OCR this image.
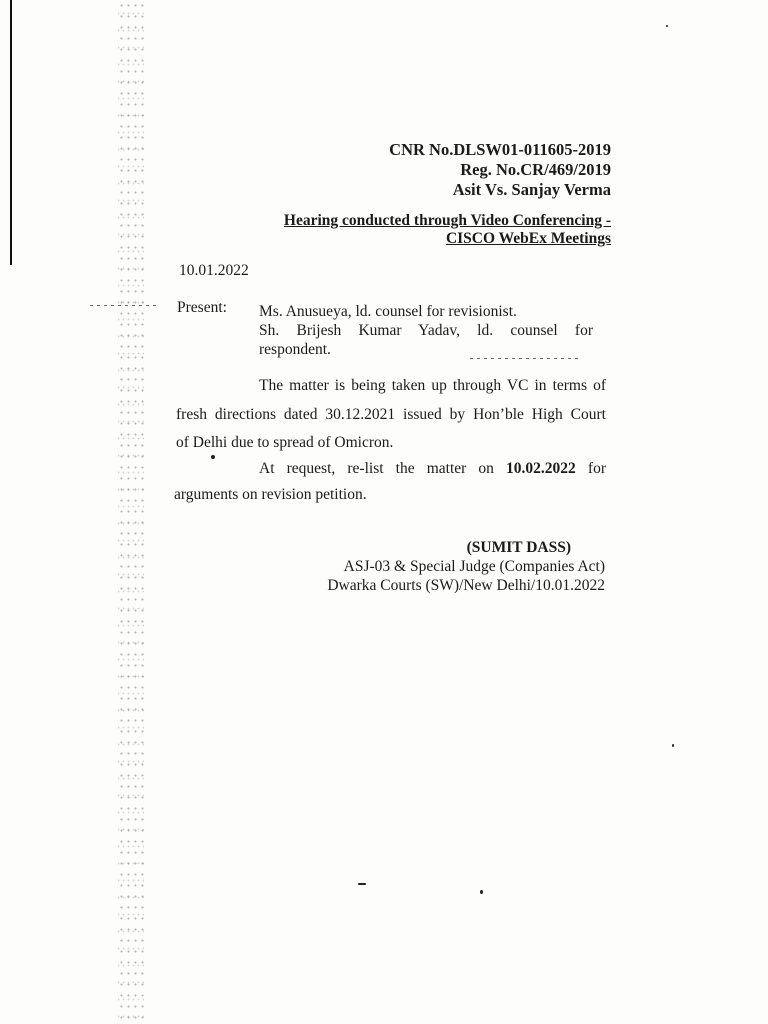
CNR No.DLSW01-011605-2019
Reg. No.CR/469/2019
Asit Vs. Sanjay Verma
Hearing conducted through Video Conferencing -
CISCO WebEx Meetings
10.01.2022
Present: Ms. Anusueya, ld. counsel for revisionist.
Sh. Brijesh Kumar Yadav, ld. counsel for
respondent.
The matter is being taken up through VC in terms of
fresh directions dated 30.12.2021 issued by Hon’ble High Court
of Delhi due to spread of Omicron.
At request, re-list the matter on 10.02.2022 for
arguments on revision petition.
(SUMIT DASS)
ASJ-03 & Special Judge (Companies Act)
Dwarka Courts (SW)/New Delhi/10.01.2022
